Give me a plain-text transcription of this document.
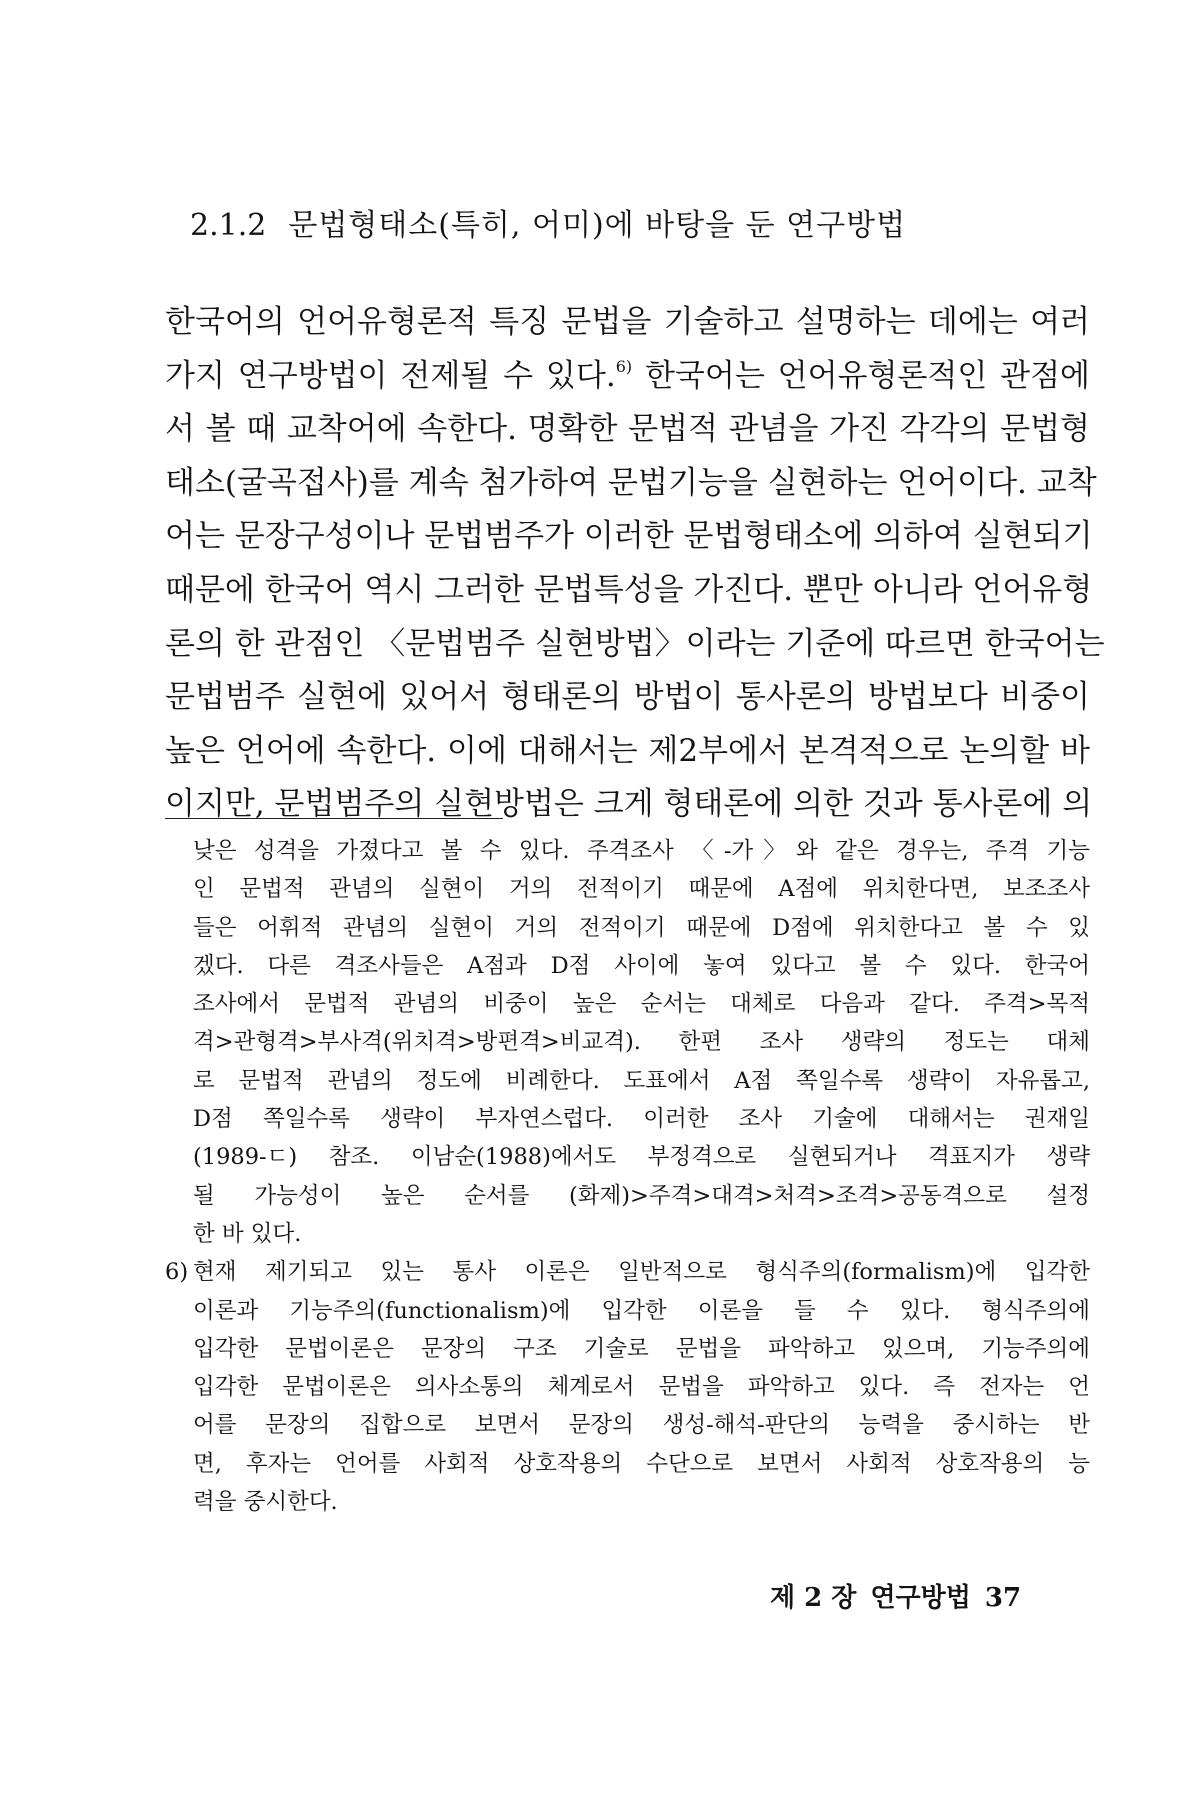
2.1.2 문법형태소(특히, 어미)에 바탕을 둔 연구방법
한국어의 언어유형론적 특징 문법을 기술하고 설명하는 데에는 여러
가지 연구방법이 전제될 수 있다.$^{6)}$ 한국어는 언어유형론적인 관점에
서 볼 때 교착어에 속한다. 명확한 문법적 관념을 가진 각각의 문법형
태소(굴곡접사)를 계속 첨가하여 문법기능을 실현하는 언어이다. 교착
어는 문장구성이나 문법범주가 이러한 문법형태소에 의하여 실현되기
때문에 한국어 역시 그러한 문법특성을 가진다. 뿐만 아니라 언어유형
론의 한 관점인 〈문법범주 실현방법〉이라는 기준에 따르면 한국어는
문법범주 실현에 있어서 형태론의 방법이 통사론의 방법보다 비중이
높은 언어에 속한다. 이에 대해서는 제2부에서 본격적으로 논의할 바
이지만, 문법범주의 실현방법은 크게 형태론에 의한 것과 통사론에 의
낮은 성격을 가졌다고 볼 수 있다. 주격조사 〈-가〉와 같은 경우는, 주격 기능
인 문법적 관념의 실현이 거의 전적이기 때문에 A점에 위치한다면, 보조조사
들은 어휘적 관념의 실현이 거의 전적이기 때문에 D점에 위치한다고 볼 수 있
겠다. 다른 격조사들은 A점과 D점 사이에 놓여 있다고 볼 수 있다. 한국어
조사에서 문법적 관념의 비중이 높은 순서는 대체로 다음과 같다. 주격>목적
격>관형격>부사격(위치격>방편격>비교격). 한편 조사 생략의 정도는 대체
로 문법적 관념의 정도에 비례한다. 도표에서 A점 쪽일수록 생략이 자유롭고,
D점 쪽일수록 생략이 부자연스럽다. 이러한 조사 기술에 대해서는 권재일
(1989-ㄷ) 참조. 이남순(1988)에서도 부정격으로 실현되거나 격표지가 생략
될 가능성이 높은 순서를 (화제)>주격>대격>처격>조격>공동격으로 설정
한 바 있다.
6) 현재 제기되고 있는 통사 이론은 일반적으로 형식주의(formalism)에 입각한
이론과 기능주의(functionalism)에 입각한 이론을 들 수 있다. 형식주의에
입각한 문법이론은 문장의 구조 기술로 문법을 파악하고 있으며, 기능주의에
입각한 문법이론은 의사소통의 체계로서 문법을 파악하고 있다. 즉 전자는 언
어를 문장의 집합으로 보면서 문장의 생성-해석-판단의 능력을 중시하는 반
면, 후자는 언어를 사회적 상호작용의 수단으로 보면서 사회적 상호작용의 능
력을 중시한다.
제 2 장 연구방법 37
